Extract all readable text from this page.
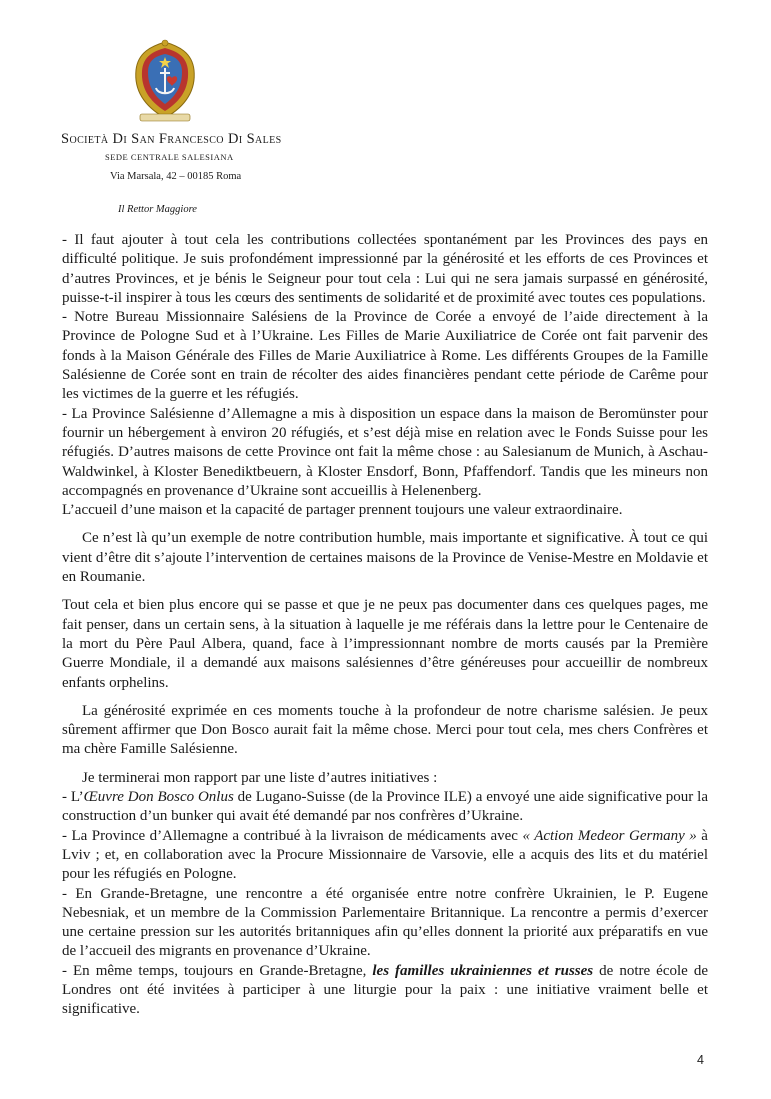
Società Di San Francesco Di Sales
SEDE CENTRALE SALESIANA
Via Marsala, 42 – 00185 Roma
Il Rettor Maggiore

- Il faut ajouter à tout cela les contributions collectées spontanément par les Provinces des pays en difficulté politique. Je suis profondément impressionné par la générosité et les efforts de ces Provinces et d’autres Provinces, et je bénis le Seigneur pour tout cela : Lui qui ne sera jamais surpassé en générosité, puisse-t-il inspirer à tous les cœurs des sentiments de solidarité et de proximité avec toutes ces populations.

- Notre Bureau Missionnaire Salésiens de la Province de Corée a envoyé de l’aide directement à la Province de Pologne Sud et à l’Ukraine. Les Filles de Marie Auxiliatrice de Corée ont fait parvenir des fonds à la Maison Générale des Filles de Marie Auxiliatrice à Rome. Les différents Groupes de la Famille Salésienne de Corée sont en train de récolter des aides financières pendant cette période de Carême pour les victimes de la guerre et les réfugiés.

- La Province Salésienne d’Allemagne a mis à disposition un espace dans la maison de Beromünster pour fournir un hébergement à environ 20 réfugiés, et s’est déjà mise en relation avec le Fonds Suisse pour les réfugiés. D’autres maisons de cette Province ont fait la même chose : au Salesianum de Munich, à Aschau-Waldwinkel, à Kloster Benediktbeuern, à Kloster Ensdorf, Bonn, Pfaffendorf. Tandis que les mineurs non accompagnés en provenance d’Ukraine sont accueillis à Helenenberg.

L’accueil d’une maison et la capacité de partager prennent toujours une valeur extraordinaire.

Ce n’est là qu’un exemple de notre contribution humble, mais importante et significative. À tout ce qui vient d’être dit s’ajoute l’intervention de certaines maisons de la Province de Venise-Mestre en Moldavie et en Roumanie.

Tout cela et bien plus encore qui se passe et que je ne peux pas documenter dans ces quelques pages, me fait penser, dans un certain sens, à la situation à laquelle je me référais dans la lettre pour le Centenaire de la mort du Père Paul Albera, quand, face à l’impressionnant nombre de morts causés par la Première Guerre Mondiale, il a demandé aux maisons salésiennes d’être généreuses pour accueillir de nombreux enfants orphelins.

La générosité exprimée en ces moments touche à la profondeur de notre charisme salésien. Je peux sûrement affirmer que Don Bosco aurait fait la même chose. Merci pour tout cela, mes chers Confrères et ma chère Famille Salésienne.

Je terminerai mon rapport par une liste d’autres initiatives :

- L’Œuvre Don Bosco Onlus de Lugano-Suisse (de la Province ILE) a envoyé une aide significative pour la construction d’un bunker qui avait été demandé par nos confrères d’Ukraine.

- La Province d’Allemagne a contribué à la livraison de médicaments avec « Action Medeor Germany » à Lviv ; et, en collaboration avec la Procure Missionnaire de Varsovie, elle a acquis des lits et du matériel pour les réfugiés en Pologne.

- En Grande-Bretagne, une rencontre a été organisée entre notre confrère Ukrainien, le P. Eugene Nebesniak, et un membre de la Commission Parlementaire Britannique. La rencontre a permis d’exercer une certaine pression sur les autorités britanniques afin qu’elles donnent la priorité aux préparatifs en vue de l’accueil des migrants en provenance d’Ukraine.

- En même temps, toujours en Grande-Bretagne, les familles ukrainiennes et russes de notre école de Londres ont été invitées à participer à une liturgie pour la paix : une initiative vraiment belle et significative.

4
